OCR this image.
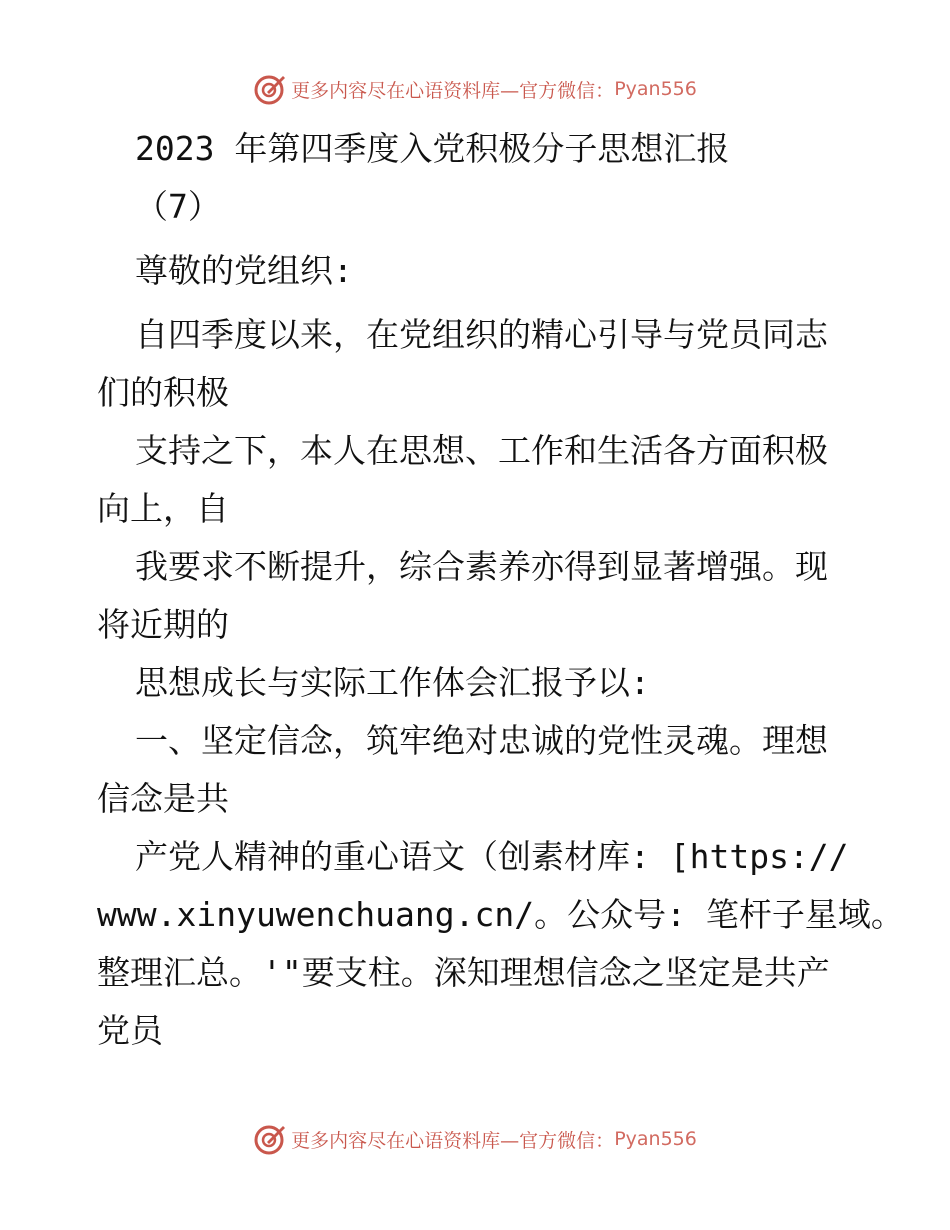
更多内容尽在心语资料库— 官方微信： Pyan556
2023 年第四季度入党积极分子思想汇报
（7）
尊敬的党组织:
自四季度以来，在党组织的精心引导与党员同志
们的积极
支持之下，本人在思想、工作和生活各方面积极
向上，自
我要求不断提升，综合素养亦得到显著增强。现
将近期的
思想成长与实际工作体会汇报予以:
一、坚定信念，筑牢绝对忠诚的党性灵魂。理想
信念是共
产党人精神的重心语文（创素材库: [https://
www.xinyuwenchuang.cn/。公众号: 笔杆子星域。
整理汇总。'"要支柱。深知理想信念之坚定是共产
党员
更多内容尽在心语资料库— 官方微信： Pyan556
